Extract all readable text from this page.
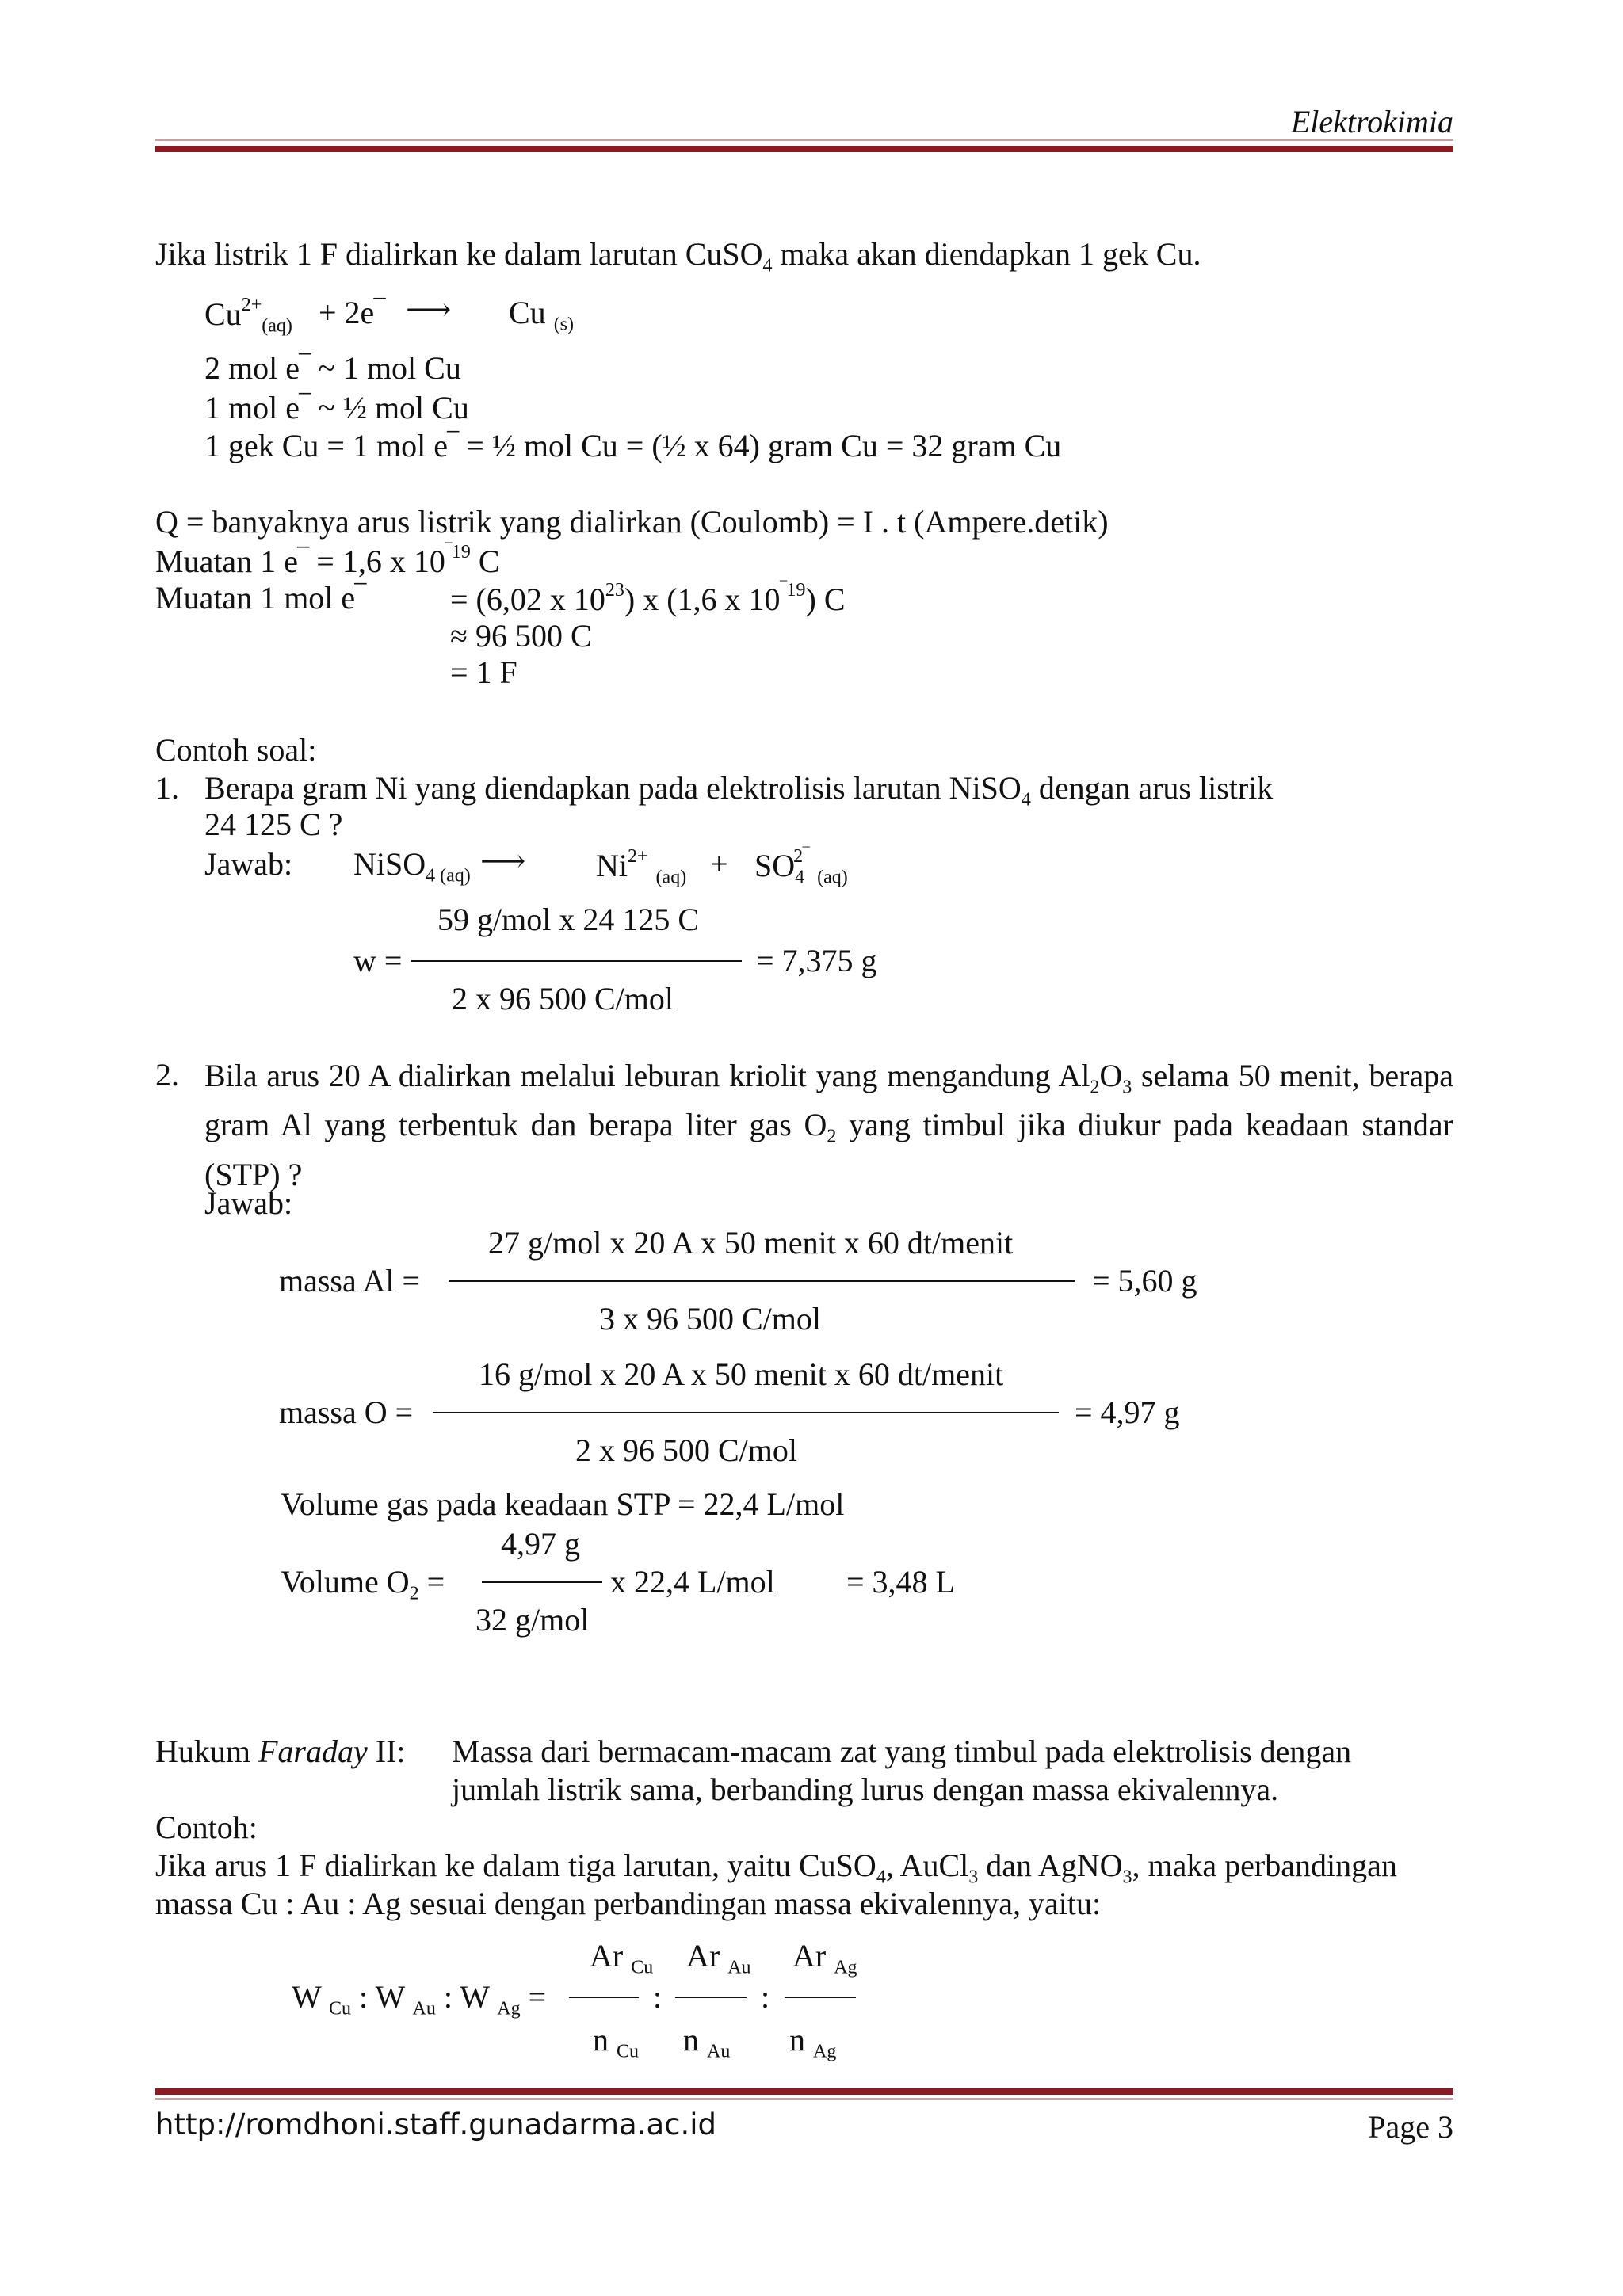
Elektrokimia
Jika listrik 1 F dialirkan ke dalam larutan CuSO$_4$ maka akan diendapkan 1 gek Cu.
$Cu^{2+}_{(aq)}$ + 2e‾ ⟶ Cu $_{(s)}$
2 mol e‾ ~ 1 mol Cu
1 mol e‾ ~ ½ mol Cu
1 gek Cu = 1 mol e‾ = ½ mol Cu = (½ x 64) gram Cu = 32 gram Cu
Q = banyaknya arus listrik yang dialirkan (Coulomb) = I . t (Ampere.detik)
Muatan 1 e‾ = 1,6 x $10^{‾19}$ C
Muatan 1 mol e‾	= (6,02 x $10^{23}$) x (1,6 x $10^{‾19}$) C
≈ 96 500 C
= 1 F
Contoh soal:
1. Berapa gram Ni yang diendapkan pada elektrolisis larutan NiSO$_4$ dengan arus listrik
24 125 C ?
Jawab: NiSO$_{4 (aq)}$ ⟶ $Ni^{2+}$ $_{(aq)} + SO_4^{2‾}$ $_{(aq)}$
59 g/mol x 24 125 C
w =	= 7,375 g
2 x 96 500 C/mol
2. Bila arus 20 A dialirkan melalui leburan kriolit yang mengandung $Al_2O_3$ selama 50 menit, berapa gram Al yang terbentuk dan berapa liter gas $O_2$ yang timbul jika diukur pada keadaan standar (STP) ?
Jawab:
27 g/mol x 20 A x 50 menit x 60 dt/menit
massa Al =	= 5,60 g
3 x 96 500 C/mol
16 g/mol x 20 A x 50 menit x 60 dt/menit
massa O =	= 4,97 g
2 x 96 500 C/mol
Volume gas pada keadaan STP = 22,4 L/mol
4,97 g
Volume $O_2$ =	x 22,4 L/mol = 3,48 L
32 g/mol
Hukum Faraday II: Massa dari bermacam-macam zat yang timbul pada elektrolisis dengan
jumlah listrik sama, berbanding lurus dengan massa ekivalennya.
Contoh:
Jika arus 1 F dialirkan ke dalam tiga larutan, yaitu CuSO$_4$, AuCl$_3$ dan AgNO$_3$, maka perbandingan
massa Cu : Au : Ag sesuai dengan perbandingan massa ekivalennya, yaitu:
Ar $_{Cu}$ Ar $_{Au}$ Ar $_{Ag}$
W $_{Cu}$ : W $_{Au}$ : W $_{Ag}$ =	:	:
n $_{Cu}$ n $_{Au}$ n $_{Ag}$
http://romdhoni.staff.gunadarma.ac.id	Page 3
